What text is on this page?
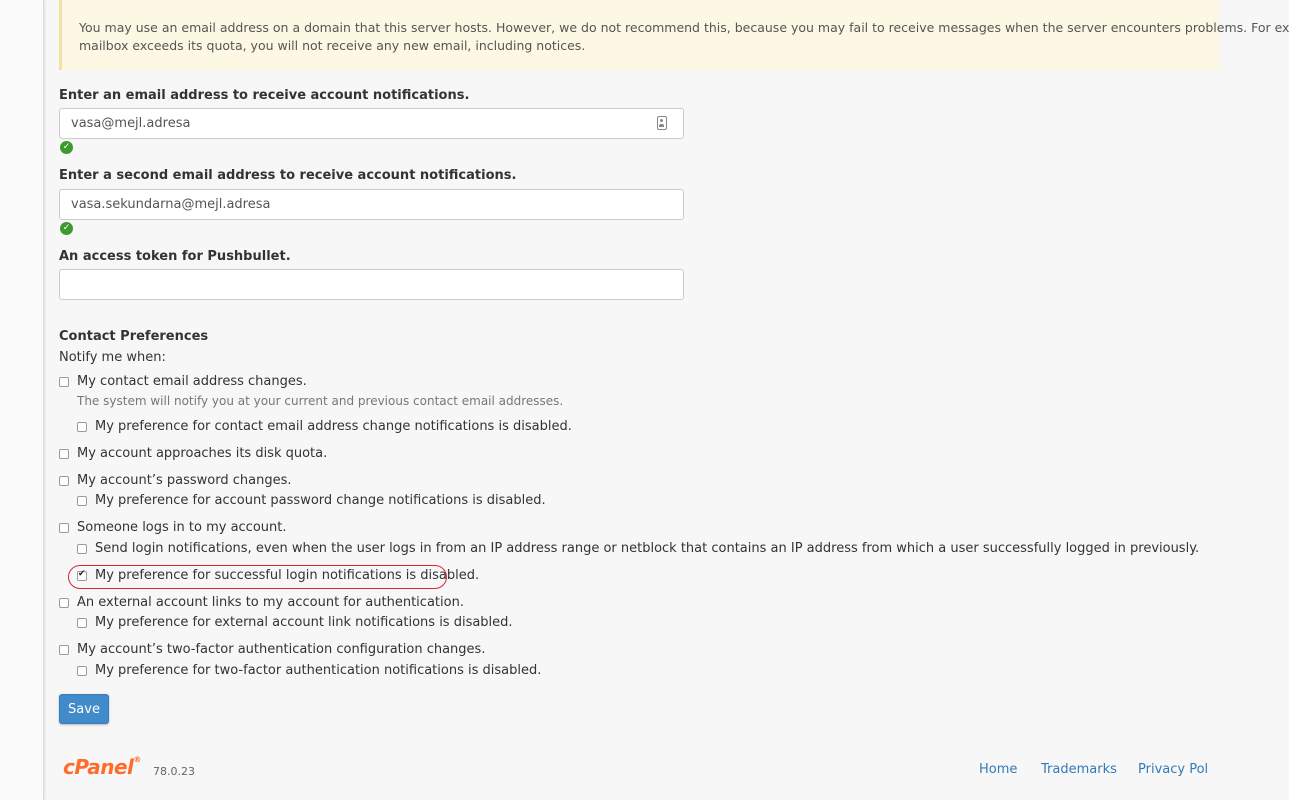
You may use an email address on a domain that this server hosts. However, we do not recommend this, because you may fail to receive messages when the server encounters problems. For ex
mailbox exceeds its quota, you will not receive any new email, including notices.
Enter an email address to receive account notifications.
vasa@mejl.adresa
✓
Enter a second email address to receive account notifications.
vasa.sekundarna@mejl.adresa
✓
An access token for Pushbullet.
Contact Preferences
Notify me when:
My contact email address changes.
The system will notify you at your current and previous contact email addresses.
My preference for contact email address change notifications is disabled.
My account approaches its disk quota.
My account’s password changes.
My preference for account password change notifications is disabled.
Someone logs in to my account.
Send login notifications, even when the user logs in from an IP address range or netblock that contains an IP address from which a user successfully logged in previously.
✔
My preference for successful login notifications is disabled.
An external account links to my account for authentication.
My preference for external account link notifications is disabled.
My account’s two-factor authentication configuration changes.
My preference for two-factor authentication notifications is disabled.
Save
cPanel®
78.0.23	Home Trademarks Privacy Pol
